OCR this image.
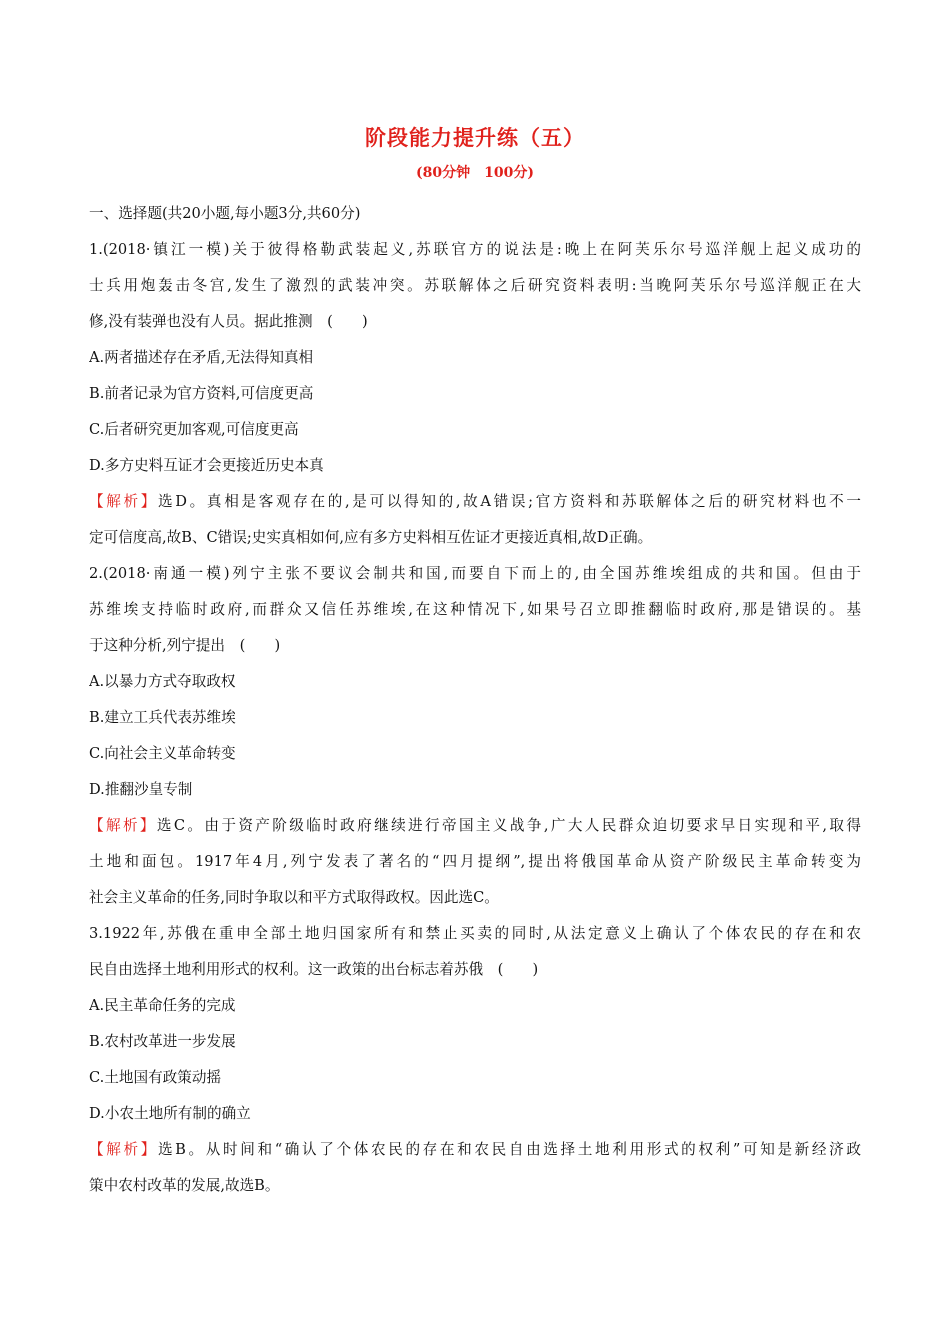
阶段能力提升练（五）
(80分钟　100分)
一、选择题(共20小题,每小题3分,共60分)
1.(2018·镇江一模)关于彼得格勒武装起义,苏联官方的说法是:晚上在阿芙乐尔号巡洋舰上起义成功的
士兵用炮轰击冬宫,发生了激烈的武装冲突。苏联解体之后研究资料表明:当晚阿芙乐尔号巡洋舰正在大
修,没有装弹也没有人员。据此推测　(　　)
A.两者描述存在矛盾,无法得知真相
B.前者记录为官方资料,可信度更高
C.后者研究更加客观,可信度更高
D.多方史料互证才会更接近历史本真
【解析】选D。真相是客观存在的,是可以得知的,故A错误;官方资料和苏联解体之后的研究材料也不一
定可信度高,故B、C错误;史实真相如何,应有多方史料相互佐证才更接近真相,故D正确。
2.(2018·南通一模)列宁主张不要议会制共和国,而要自下而上的,由全国苏维埃组成的共和国。但由于
苏维埃支持临时政府,而群众又信任苏维埃,在这种情况下,如果号召立即推翻临时政府,那是错误的。基
于这种分析,列宁提出　(　　)
A.以暴力方式夺取政权
B.建立工兵代表苏维埃
C.向社会主义革命转变
D.推翻沙皇专制
【解析】选C。由于资产阶级临时政府继续进行帝国主义战争,广大人民群众迫切要求早日实现和平,取得
土地和面包。1917年4月,列宁发表了著名的“四月提纲”,提出将俄国革命从资产阶级民主革命转变为
社会主义革命的任务,同时争取以和平方式取得政权。因此选C。
3.1922年,苏俄在重申全部土地归国家所有和禁止买卖的同时,从法定意义上确认了个体农民的存在和农
民自由选择土地利用形式的权利。这一政策的出台标志着苏俄　(　　)
A.民主革命任务的完成
B.农村改革进一步发展
C.土地国有政策动摇
D.小农土地所有制的确立
【解析】选B。从时间和“确认了个体农民的存在和农民自由选择土地利用形式的权利”可知是新经济政
策中农村改革的发展,故选B。
